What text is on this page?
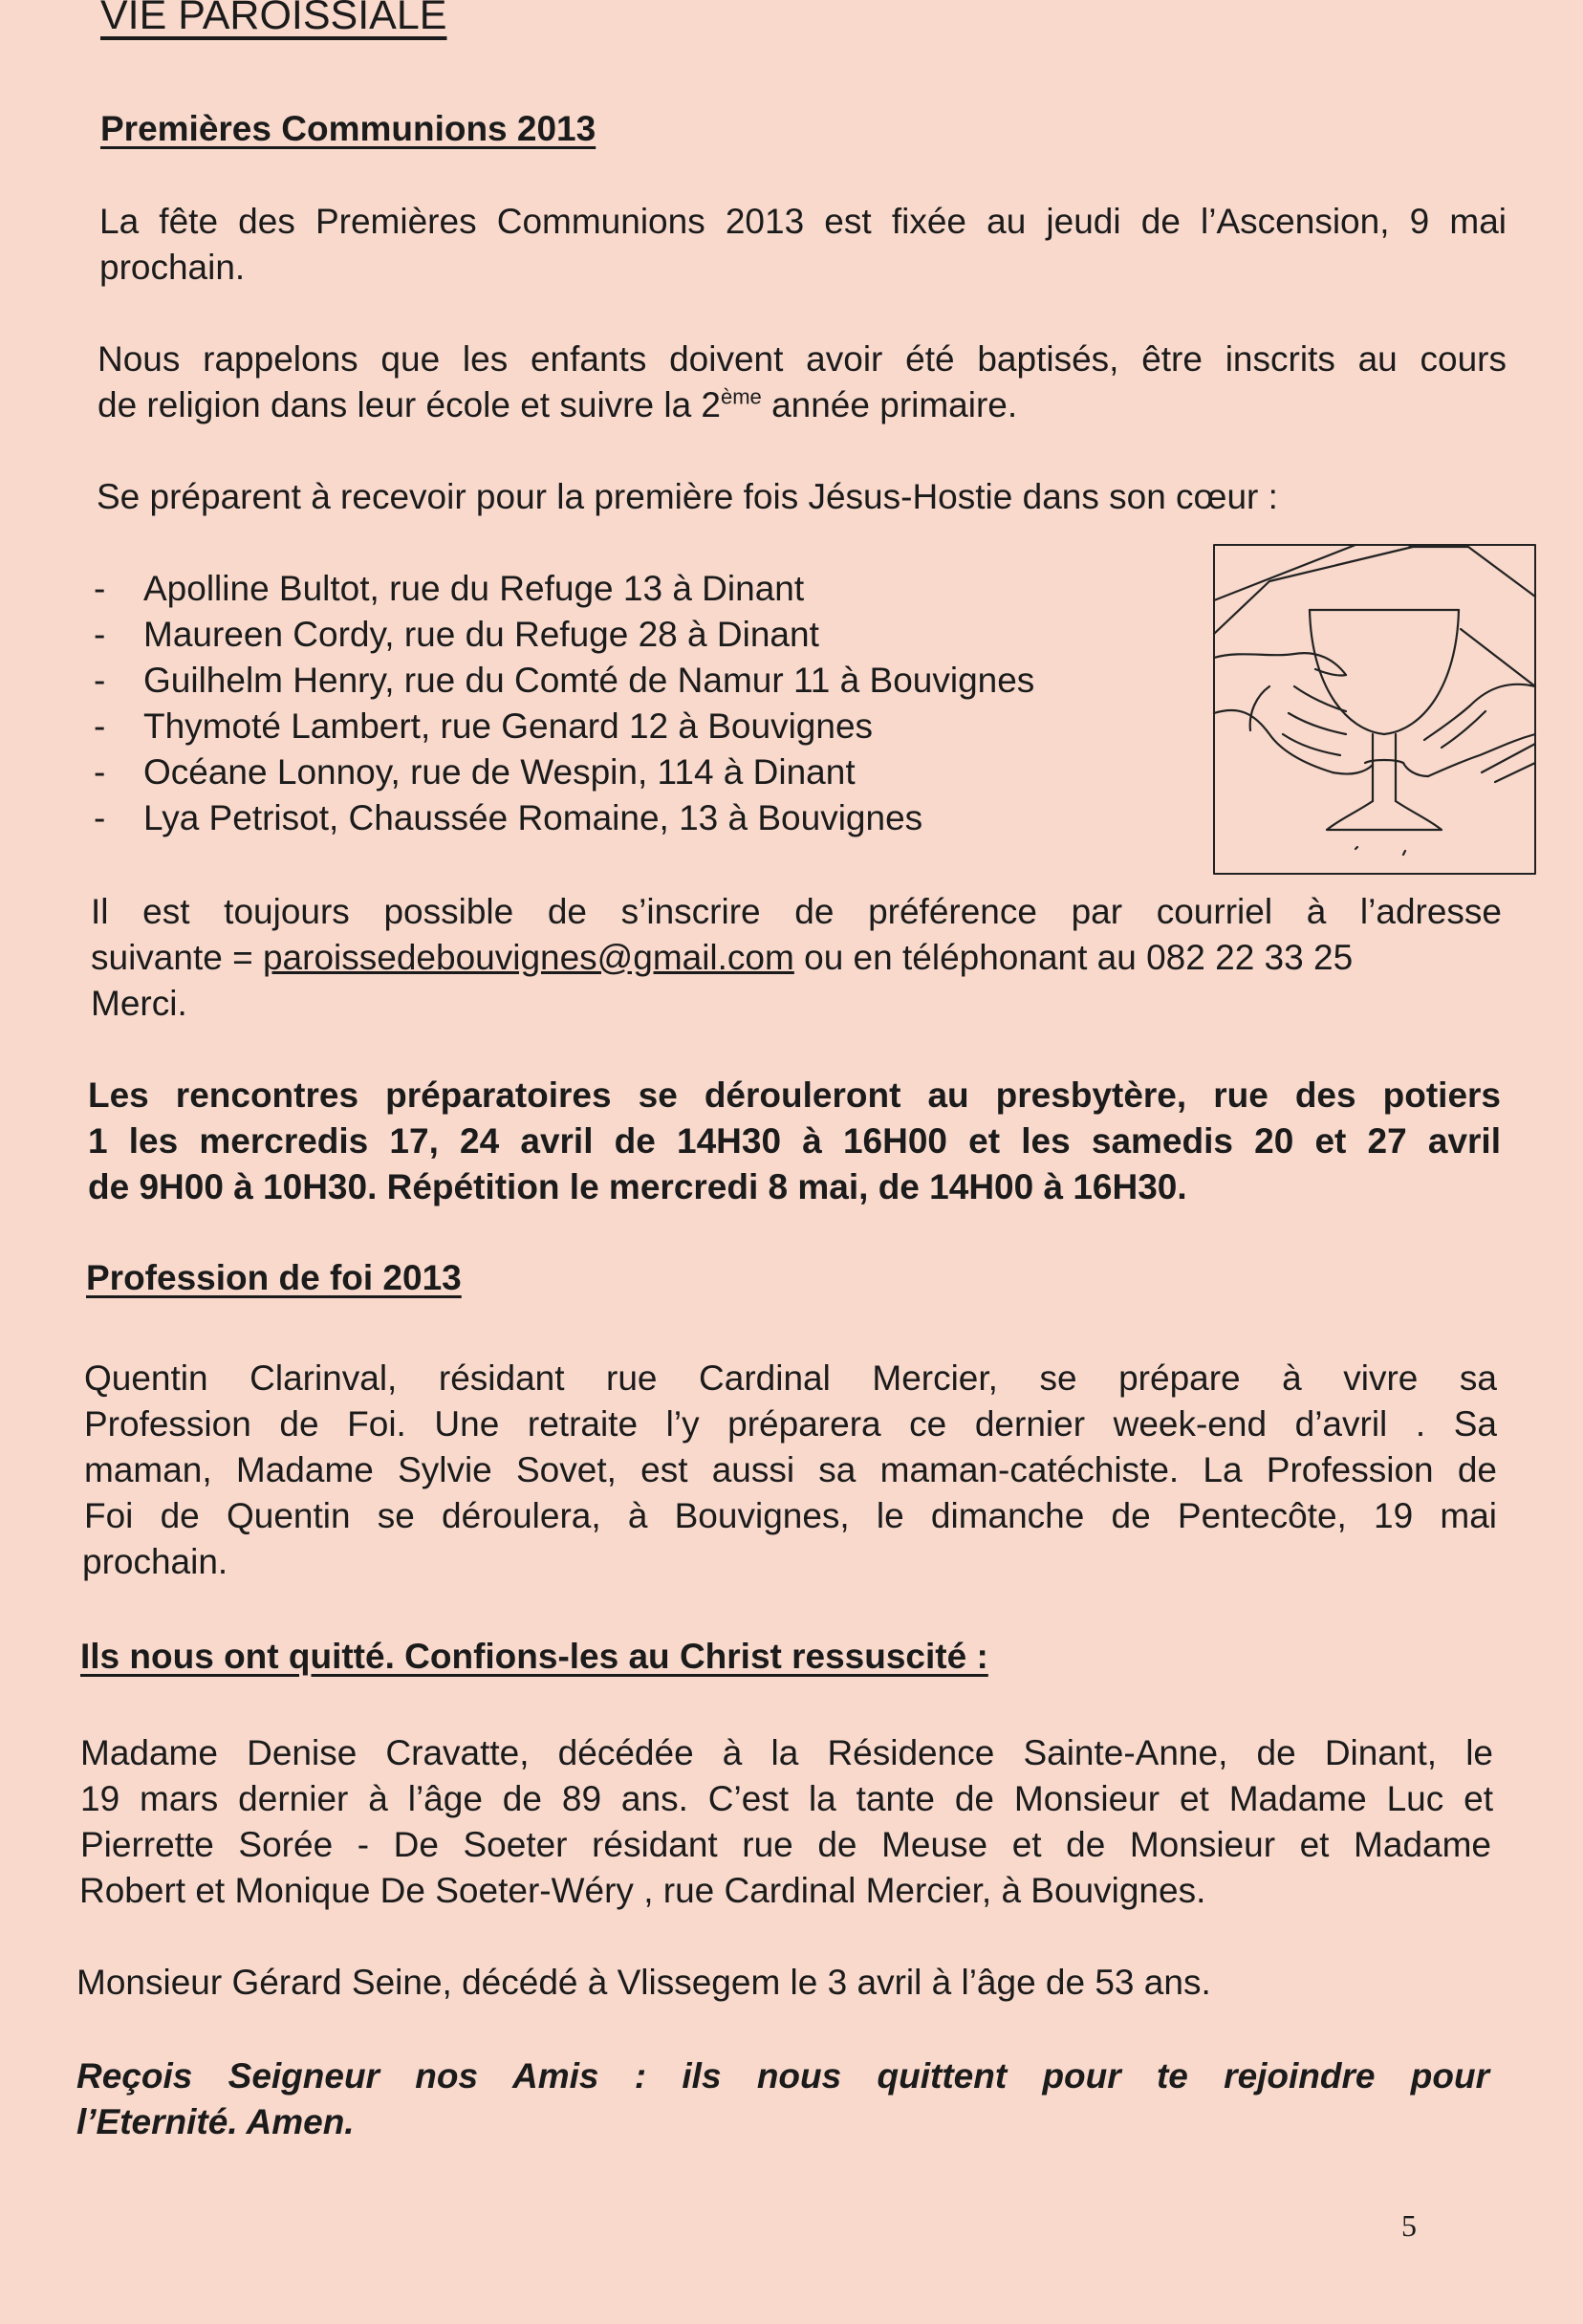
VIE PAROISSIALE

Premières Communions 2013

La fête des Premières Communions 2013 est fixée au jeudi de l’Ascension, 9 mai

prochain.

Nous rappelons que les enfants doivent avoir été baptisés, être inscrits au cours

de religion dans leur école et suivre la 2ème année primaire.

Se préparent à recevoir pour la première fois Jésus-Hostie dans son cœur :

- Apolline Bultot, rue du Refuge 13 à Dinant
- Maureen Cordy, rue du Refuge 28 à Dinant
- Guilhelm Henry, rue du Comté de Namur 11 à Bouvignes
- Thymoté Lambert, rue Genard 12 à Bouvignes
- Océane Lonnoy, rue de Wespin, 114 à Dinant
- Lya Petrisot, Chaussée Romaine, 13 à Bouvignes

Il est toujours possible de s’inscrire de préférence par courriel à l’adresse

suivante = paroissedebouvignes@gmail.com ou en téléphonant au 082 22 33 25

Merci.

Les rencontres préparatoires se dérouleront au presbytère, rue des potiers

1 les mercredis 17, 24 avril de 14H30 à 16H00 et les samedis 20 et 27 avril

de 9H00 à 10H30. Répétition le mercredi 8 mai, de 14H00 à 16H30.

Profession de foi 2013

Quentin Clarinval, résidant rue Cardinal Mercier, se prépare à vivre sa

Profession de Foi. Une retraite l’y préparera ce dernier week-end d’avril . Sa

maman, Madame Sylvie Sovet, est aussi sa maman-catéchiste. La Profession de

Foi de Quentin se déroulera, à Bouvignes, le dimanche de Pentecôte, 19 mai

prochain.

Ils nous ont quitté. Confions-les au Christ ressuscité :

Madame Denise Cravatte, décédée à la Résidence Sainte-Anne, de Dinant, le

19 mars dernier à l’âge de 89 ans. C’est la tante de Monsieur et Madame Luc et

Pierrette Sorée - De Soeter résidant rue de Meuse et de Monsieur et Madame

Robert et Monique De Soeter-Wéry , rue Cardinal Mercier, à Bouvignes.

Monsieur Gérard Seine, décédé à Vlissegem le 3 avril à l’âge de 53 ans.

Reçois Seigneur nos Amis : ils nous quittent pour te rejoindre pour

l’Eternité. Amen.

5
